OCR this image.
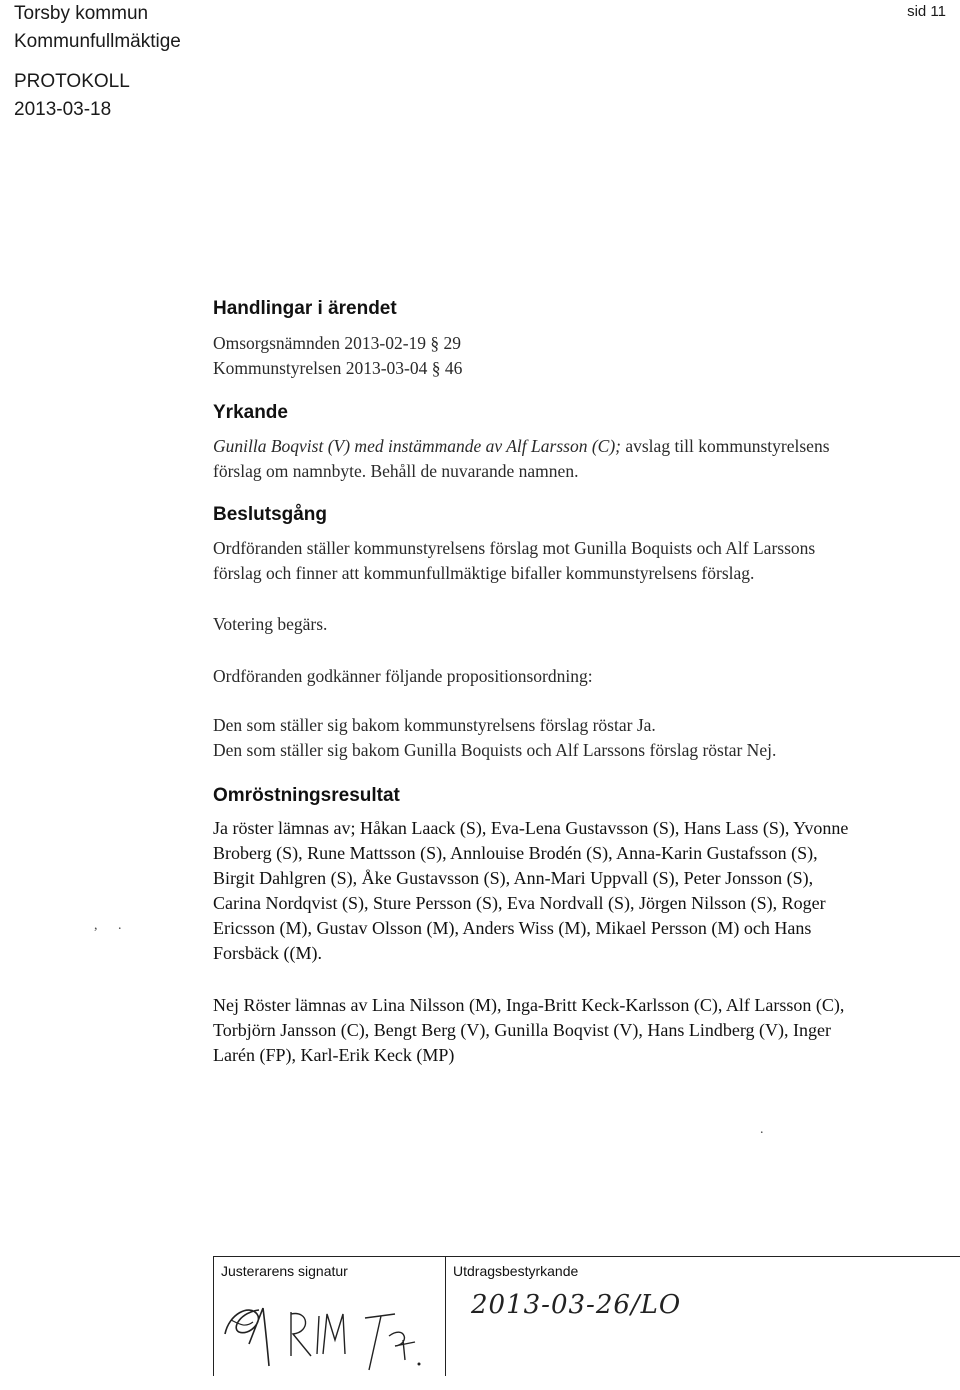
Torsby kommun
Kommunfullmäktige
PROTOKOLL
2013-03-18
sid 11
Handlingar i ärendet
Omsorgsnämnden 2013-02-19 § 29
Kommunstyrelsen 2013-03-04 § 46
Yrkande
Gunilla Boqvist (V) med instämmande av Alf Larsson (C); avslag till kommunstyrelsens
förslag om namnbyte. Behåll de nuvarande namnen.
Beslutsgång
Ordföranden ställer kommunstyrelsens förslag mot Gunilla Boquists och Alf Larssons
förslag och finner att kommunfullmäktige bifaller kommunstyrelsens förslag.
Votering begärs.
Ordföranden godkänner följande propositionsordning:
Den som ställer sig bakom kommunstyrelsens förslag röstar Ja.
Den som ställer sig bakom Gunilla Boquists och Alf Larssons förslag röstar Nej.
Omröstningsresultat
Ja röster lämnas av; Håkan Laack (S), Eva-Lena Gustavsson (S), Hans Lass (S), Yvonne
Broberg (S), Rune Mattsson (S), Annlouise Brodén (S), Anna-Karin Gustafsson (S),
Birgit Dahlgren (S), Åke Gustavsson (S), Ann-Mari Uppvall (S), Peter Jonsson (S),
Carina Nordqvist (S), Sture Persson (S), Eva Nordvall (S), Jörgen Nilsson (S), Roger
Ericsson (M), Gustav Olsson (M), Anders Wiss (M), Mikael Persson (M) och Hans
Forsbäck ((M).
Nej Röster lämnas av Lina Nilsson (M), Inga-Britt Keck-Karlsson (C), Alf Larsson (C),
Torbjörn Jansson (C), Bengt Berg (V), Gunilla Boqvist (V), Hans Lindberg (V), Inger
Larén (FP), Karl-Erik Keck (MP)
, .
.
Justerarens signatur	Utdragsbestyrkande
2013-03-26/LO
